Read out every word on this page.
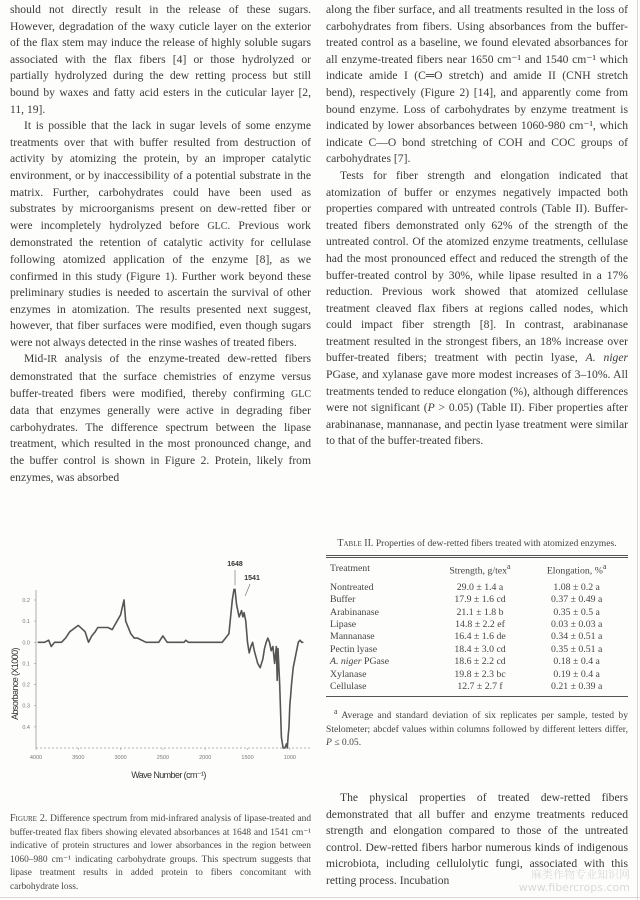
should not directly result in the release of these sugars. However, degradation of the waxy cuticle layer on the exterior of the flax stem may induce the release of highly soluble sugars associated with the flax fibers [4] or those hydrolyzed or partially hydrolyzed during the dew retting process but still bound by waxes and fatty acid esters in the cuticular layer [2, 11, 19].

It is possible that the lack in sugar levels of some enzyme treatments over that with buffer resulted from destruction of activity by atomizing the protein, by an improper catalytic environment, or by inaccessibility of a potential substrate in the matrix. Further, carbohydrates could have been used as substrates by microorganisms present on dew-retted fiber or were incompletely hydrolyzed before GLC. Previous work demonstrated the retention of catalytic activity for cellulase following atomized application of the enzyme [8], as we confirmed in this study (Figure 1). Further work beyond these preliminary studies is needed to ascertain the survival of other enzymes in atomization. The results presented next suggest, however, that fiber surfaces were modified, even though sugars were not always detected in the rinse washes of treated fibers.

Mid-IR analysis of the enzyme-treated dew-retted fibers demonstrated that the surface chemistries of enzyme versus buffer-treated fibers were modified, thereby confirming GLC data that enzymes generally were active in degrading fiber carbohydrates. The difference spectrum between the lipase treatment, which resulted in the most pronounced change, and the buffer control is shown in Figure 2. Protein, likely from enzymes, was absorbed

along the fiber surface, and all treatments resulted in the loss of carbohydrates from fibers. Using absorbances from the buffer-treated control as a baseline, we found elevated absorbances for all enzyme-treated fibers near 1650 cm⁻¹ and 1540 cm⁻¹ which indicate amide I (C═O stretch) and amide II (CNH stretch bend), respectively (Figure 2) [14], and apparently come from bound enzyme. Loss of carbohydrates by enzyme treatment is indicated by lower absorbances between 1060-980 cm⁻¹, which indicate C—O bond stretching of COH and COC groups of carbohydrates [7].

Tests for fiber strength and elongation indicated that atomization of buffer or enzymes negatively impacted both properties compared with untreated controls (Table II). Buffer-treated fibers demonstrated only 62% of the strength of the untreated control. Of the atomized enzyme treatments, cellulase had the most pronounced effect and reduced the strength of the buffer-treated control by 30%, while lipase resulted in a 17% reduction. Previous work showed that atomized cellulase treatment cleaved flax fibers at regions called nodes, which could impact fiber strength [8]. In contrast, arabinanase treatment resulted in the strongest fibers, an 18% increase over buffer-treated fibers; treatment with pectin lyase, A. niger PGase, and xylanase gave more modest increases of 3–10%. All treatments tended to reduce elongation (%), although differences were not significant (P > 0.05) (Table II). Fiber properties after arabinanase, mannanase, and pectin lyase treatment were similar to that of the buffer-treated fibers.

Table II. Properties of dew-retted fibers treated with atomized enzymes.
Treatment	Strength, g/tex$^a$	Elongation, %$^a$
Nontreated	29.0 ± 1.4 a	1.08 ± 0.2 a
Buffer	17.9 ± 1.6 cd	0.37 ± 0.49 a
Arabinanase	21.1 ± 1.8 b	0.35 ± 0.5 a
Lipase	14.8 ± 2.2 ef	0.03 ± 0.03 a
Mannanase	16.4 ± 1.6 de	0.34 ± 0.51 a
Pectin lyase	18.4 ± 3.0 cd	0.35 ± 0.51 a
A. niger PGase	18.6 ± 2.2 cd	0.18 ± 0.4 a
Xylanase	19.8 ± 2.3 bc	0.19 ± 0.4 a
Cellulase	12.7 ± 2.7 f	0.21 ± 0.39 a
$^a$ Average and standard deviation of six replicates per sample, tested by Stelometer; abcdef values within columns followed by different letters differ, P ≤ 0.05.

The physical properties of treated dew-retted fibers demonstrated that all buffer and enzyme treatments reduced strength and elongation compared to those of the untreated control. Dew-retted fibers harbor numerous kinds of indigenous microbiota, including cellulolytic fungi, associated with this retting process. Incubation

0.2
0.1
0.0
0.1
0.2
0.3
0.4
4000	3500	3000	2500	2000	1500	1000
Wave Number (cm⁻¹)
Absorbance (X1000)
1648
1541
Figure 2. Difference spectrum from mid-infrared analysis of lipase-treated and buffer-treated flax fibers showing elevated absorbances at 1648 and 1541 cm⁻¹ indicative of protein structures and lower absorbances in the region between 1060–980 cm⁻¹ indicating carbohydrate groups. This spectrum suggests that lipase treatment results in added protein to fibers concomitant with carbohydrate loss.
麻类作物专业知识网
www.fibercrops.com
